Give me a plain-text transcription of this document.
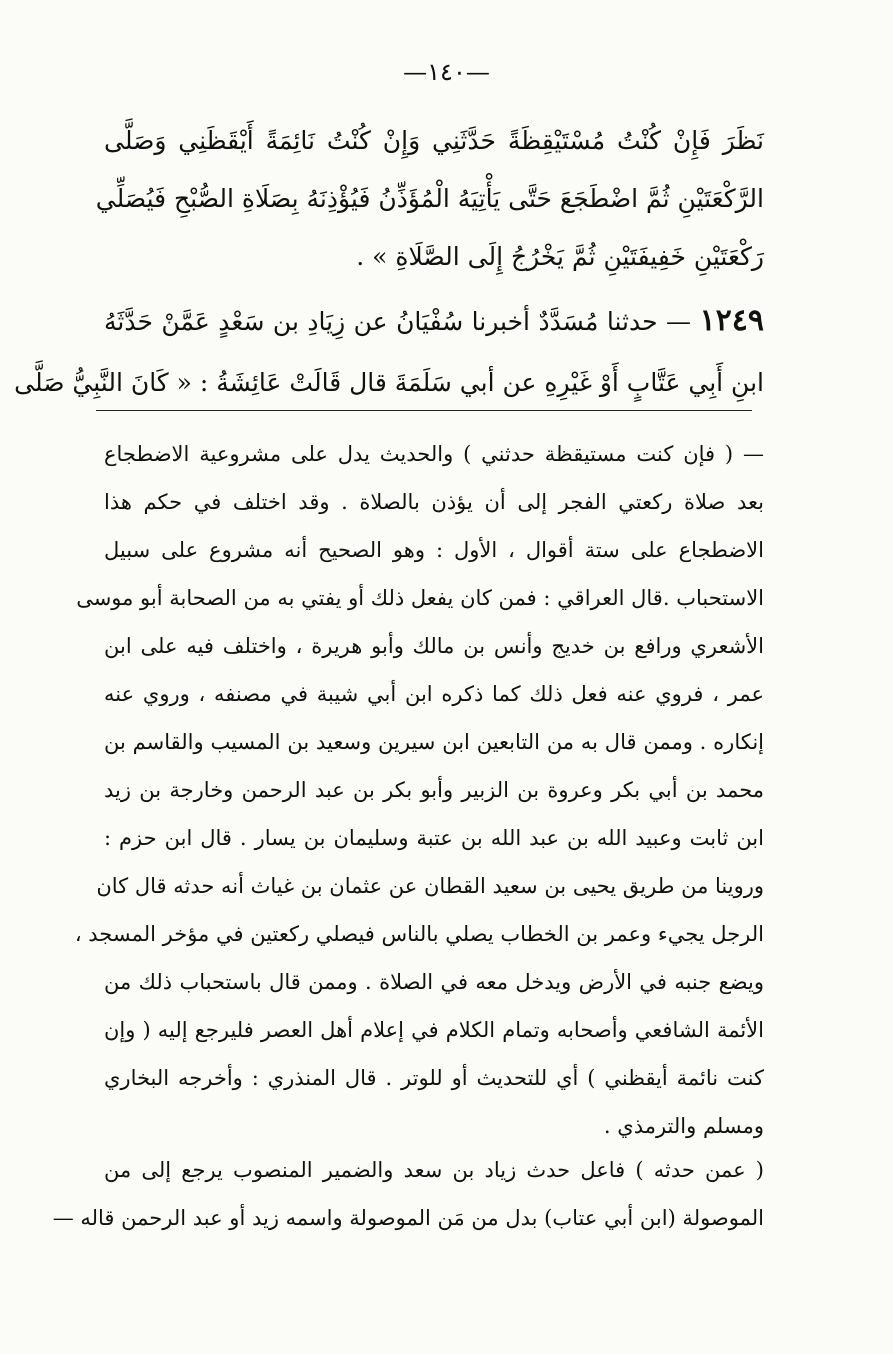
—١٤٠—
نَظَرَ فَإِنْ كُنْتُ مُسْتَيْقِظَةً حَدَّثَنِي وَإِنْ كُنْتُ نَائِمَةً أَيْقَظَنِي وَصَلَّى
الرَّكْعَتَيْنِ ثُمَّ اضْطَجَعَ حَتَّى يَأْتِيَهُ الْمُؤَذِّنُ فَيُؤْذِنَهُ بِصَلَاةِ الصُّبْحِ فَيُصَلِّي
رَكْعَتَيْنِ خَفِيفَتَيْنِ ثُمَّ يَخْرُجُ إِلَى الصَّلَاةِ » .
١٢٤٩ — حدثنا مُسَدَّدٌ أخبرنا سُفْيَانُ عن زِيَادِ بن سَعْدٍ عَمَّنْ حَدَّثَهُ
ابنِ أَبِي عَتَّابٍ أَوْ غَيْرِهِ عن أبي سَلَمَةَ قال قَالَتْ عَائِشَةُ : « كَانَ النَّبِيُّ صَلَّى
— ( فإن كنت مستيقظة حدثني ) والحديث يدل على مشروعية الاضطجاع
بعد صلاة ركعتي الفجر إلى أن يؤذن بالصلاة . وقد اختلف في حكم هذا
الاضطجاع على ستة أقوال ، الأول : وهو الصحيح أنه مشروع على سبيل
الاستحباب .قال العراقي : فمن كان يفعل ذلك أو يفتي به من الصحابة أبو موسى
الأشعري ورافع بن خديج وأنس بن مالك وأبو هريرة ، واختلف فيه على ابن
عمر ، فروي عنه فعل ذلك كما ذكره ابن أبي شيبة في مصنفه ، وروي عنه
إنكاره . وممن قال به من التابعين ابن سيرين وسعيد بن المسيب والقاسم بن
محمد بن أبي بكر وعروة بن الزبير وأبو بكر بن عبد الرحمن وخارجة بن زيد
ابن ثابت وعبيد الله بن عبد الله بن عتبة وسليمان بن يسار . قال ابن حزم :
وروينا من طريق يحيى بن سعيد القطان عن عثمان بن غياث أنه حدثه قال كان
الرجل يجيء وعمر بن الخطاب يصلي بالناس فيصلي ركعتين في مؤخر المسجد ،
ويضع جنبه في الأرض ويدخل معه في الصلاة . وممن قال باستحباب ذلك من
الأئمة الشافعي وأصحابه وتمام الكلام في إعلام أهل العصر فليرجع إليه ( وإن
كنت نائمة أيقظني ) أي للتحديث أو للوتر . قال المنذري : وأخرجه البخاري
ومسلم والترمذي .
( عمن حدثه ) فاعل حدث زياد بن سعد والضمير المنصوب يرجع إلى من
الموصولة (ابن أبي عتاب) بدل من مَن الموصولة واسمه زيد أو عبد الرحمن قاله —
